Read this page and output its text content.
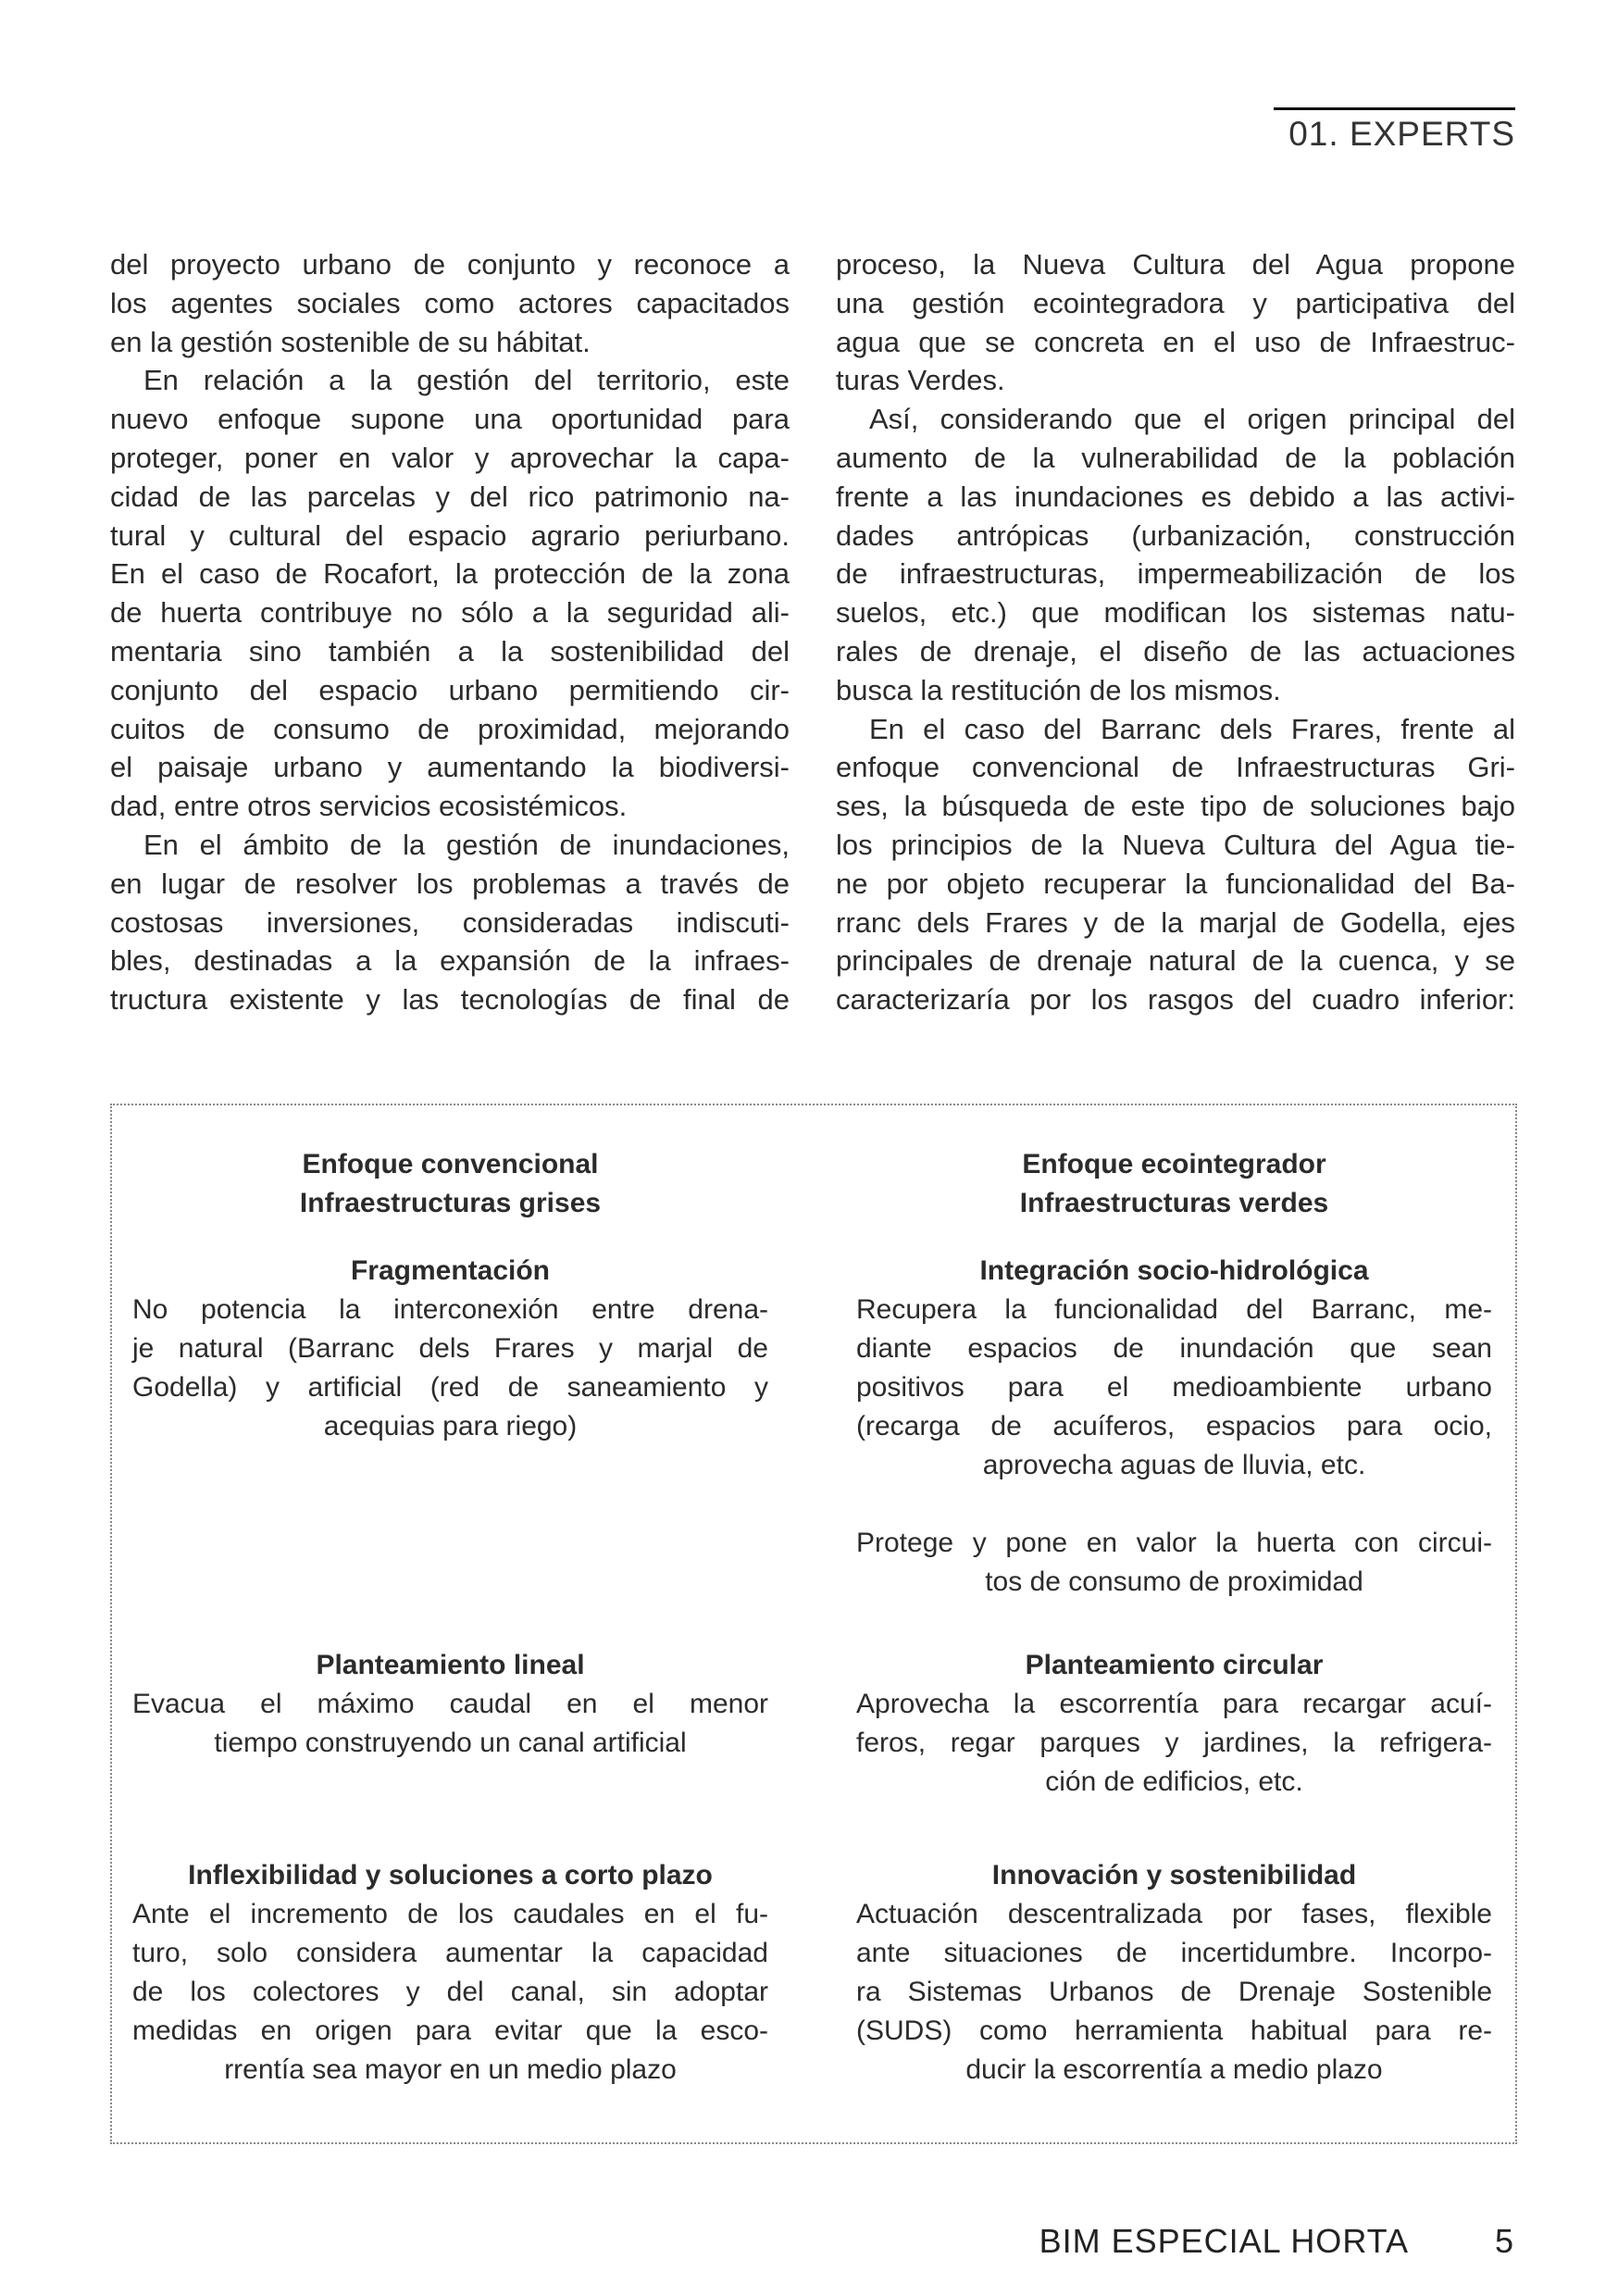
01. EXPERTS
del proyecto urbano de conjunto y reconoce a
los agentes sociales como actores capacitados
en la gestión sostenible de su hábitat.
En relación a la gestión del territorio, este
nuevo enfoque supone una oportunidad para
proteger, poner en valor y aprovechar la capa-
cidad de las parcelas y del rico patrimonio na-
tural y cultural del espacio agrario periurbano.
En el caso de Rocafort, la protección de la zona
de huerta contribuye no sólo a la seguridad ali-
mentaria sino también a la sostenibilidad del
conjunto del espacio urbano permitiendo cir-
cuitos de consumo de proximidad, mejorando
el paisaje urbano y aumentando la biodiversi-
dad, entre otros servicios ecosistémicos.
En el ámbito de la gestión de inundaciones,
en lugar de resolver los problemas a través de
costosas inversiones, consideradas indiscuti-
bles, destinadas a la expansión de la infraes-
tructura existente y las tecnologías de final de
proceso, la Nueva Cultura del Agua propone
una gestión ecointegradora y participativa del
agua que se concreta en el uso de Infraestruc-
turas Verdes.
Así, considerando que el origen principal del
aumento de la vulnerabilidad de la población
frente a las inundaciones es debido a las activi-
dades antrópicas (urbanización, construcción
de infraestructuras, impermeabilización de los
suelos, etc.) que modifican los sistemas natu-
rales de drenaje, el diseño de las actuaciones
busca la restitución de los mismos.
En el caso del Barranc dels Frares, frente al
enfoque convencional de Infraestructuras Gri-
ses, la búsqueda de este tipo de soluciones bajo
los principios de la Nueva Cultura del Agua tie-
ne por objeto recuperar la funcionalidad del Ba-
rranc dels Frares y de la marjal de Godella, ejes
principales de drenaje natural de la cuenca, y se
caracterizaría por los rasgos del cuadro inferior:
Enfoque convencional
Infraestructuras grises
Fragmentación
No potencia la interconexión entre drena-
je natural (Barranc dels Frares y marjal de
Godella) y artificial (red de saneamiento y
acequias para riego)
Planteamiento lineal
Evacua el máximo caudal en el menor
tiempo construyendo un canal artificial
Inflexibilidad y soluciones a corto plazo
Ante el incremento de los caudales en el fu-
turo, solo considera aumentar la capacidad
de los colectores y del canal, sin adoptar
medidas en origen para evitar que la esco-
rrentía sea mayor en un medio plazo
Enfoque ecointegrador
Infraestructuras verdes
Integración socio-hidrológica
Recupera la funcionalidad del Barranc, me-
diante espacios de inundación que sean
positivos para el medioambiente urbano
(recarga de acuíferos, espacios para ocio,
aprovecha aguas de lluvia, etc.
Protege y pone en valor la huerta con circui-
tos de consumo de proximidad
Planteamiento circular
Aprovecha la escorrentía para recargar acuí-
feros, regar parques y jardines, la refrigera-
ción de edificios, etc.
Innovación y sostenibilidad
Actuación descentralizada por fases, flexible
ante situaciones de incertidumbre. Incorpo-
ra Sistemas Urbanos de Drenaje Sostenible
(SUDS) como herramienta habitual para re-
ducir la escorrentía a medio plazo
BIM ESPECIAL HORTA	5
